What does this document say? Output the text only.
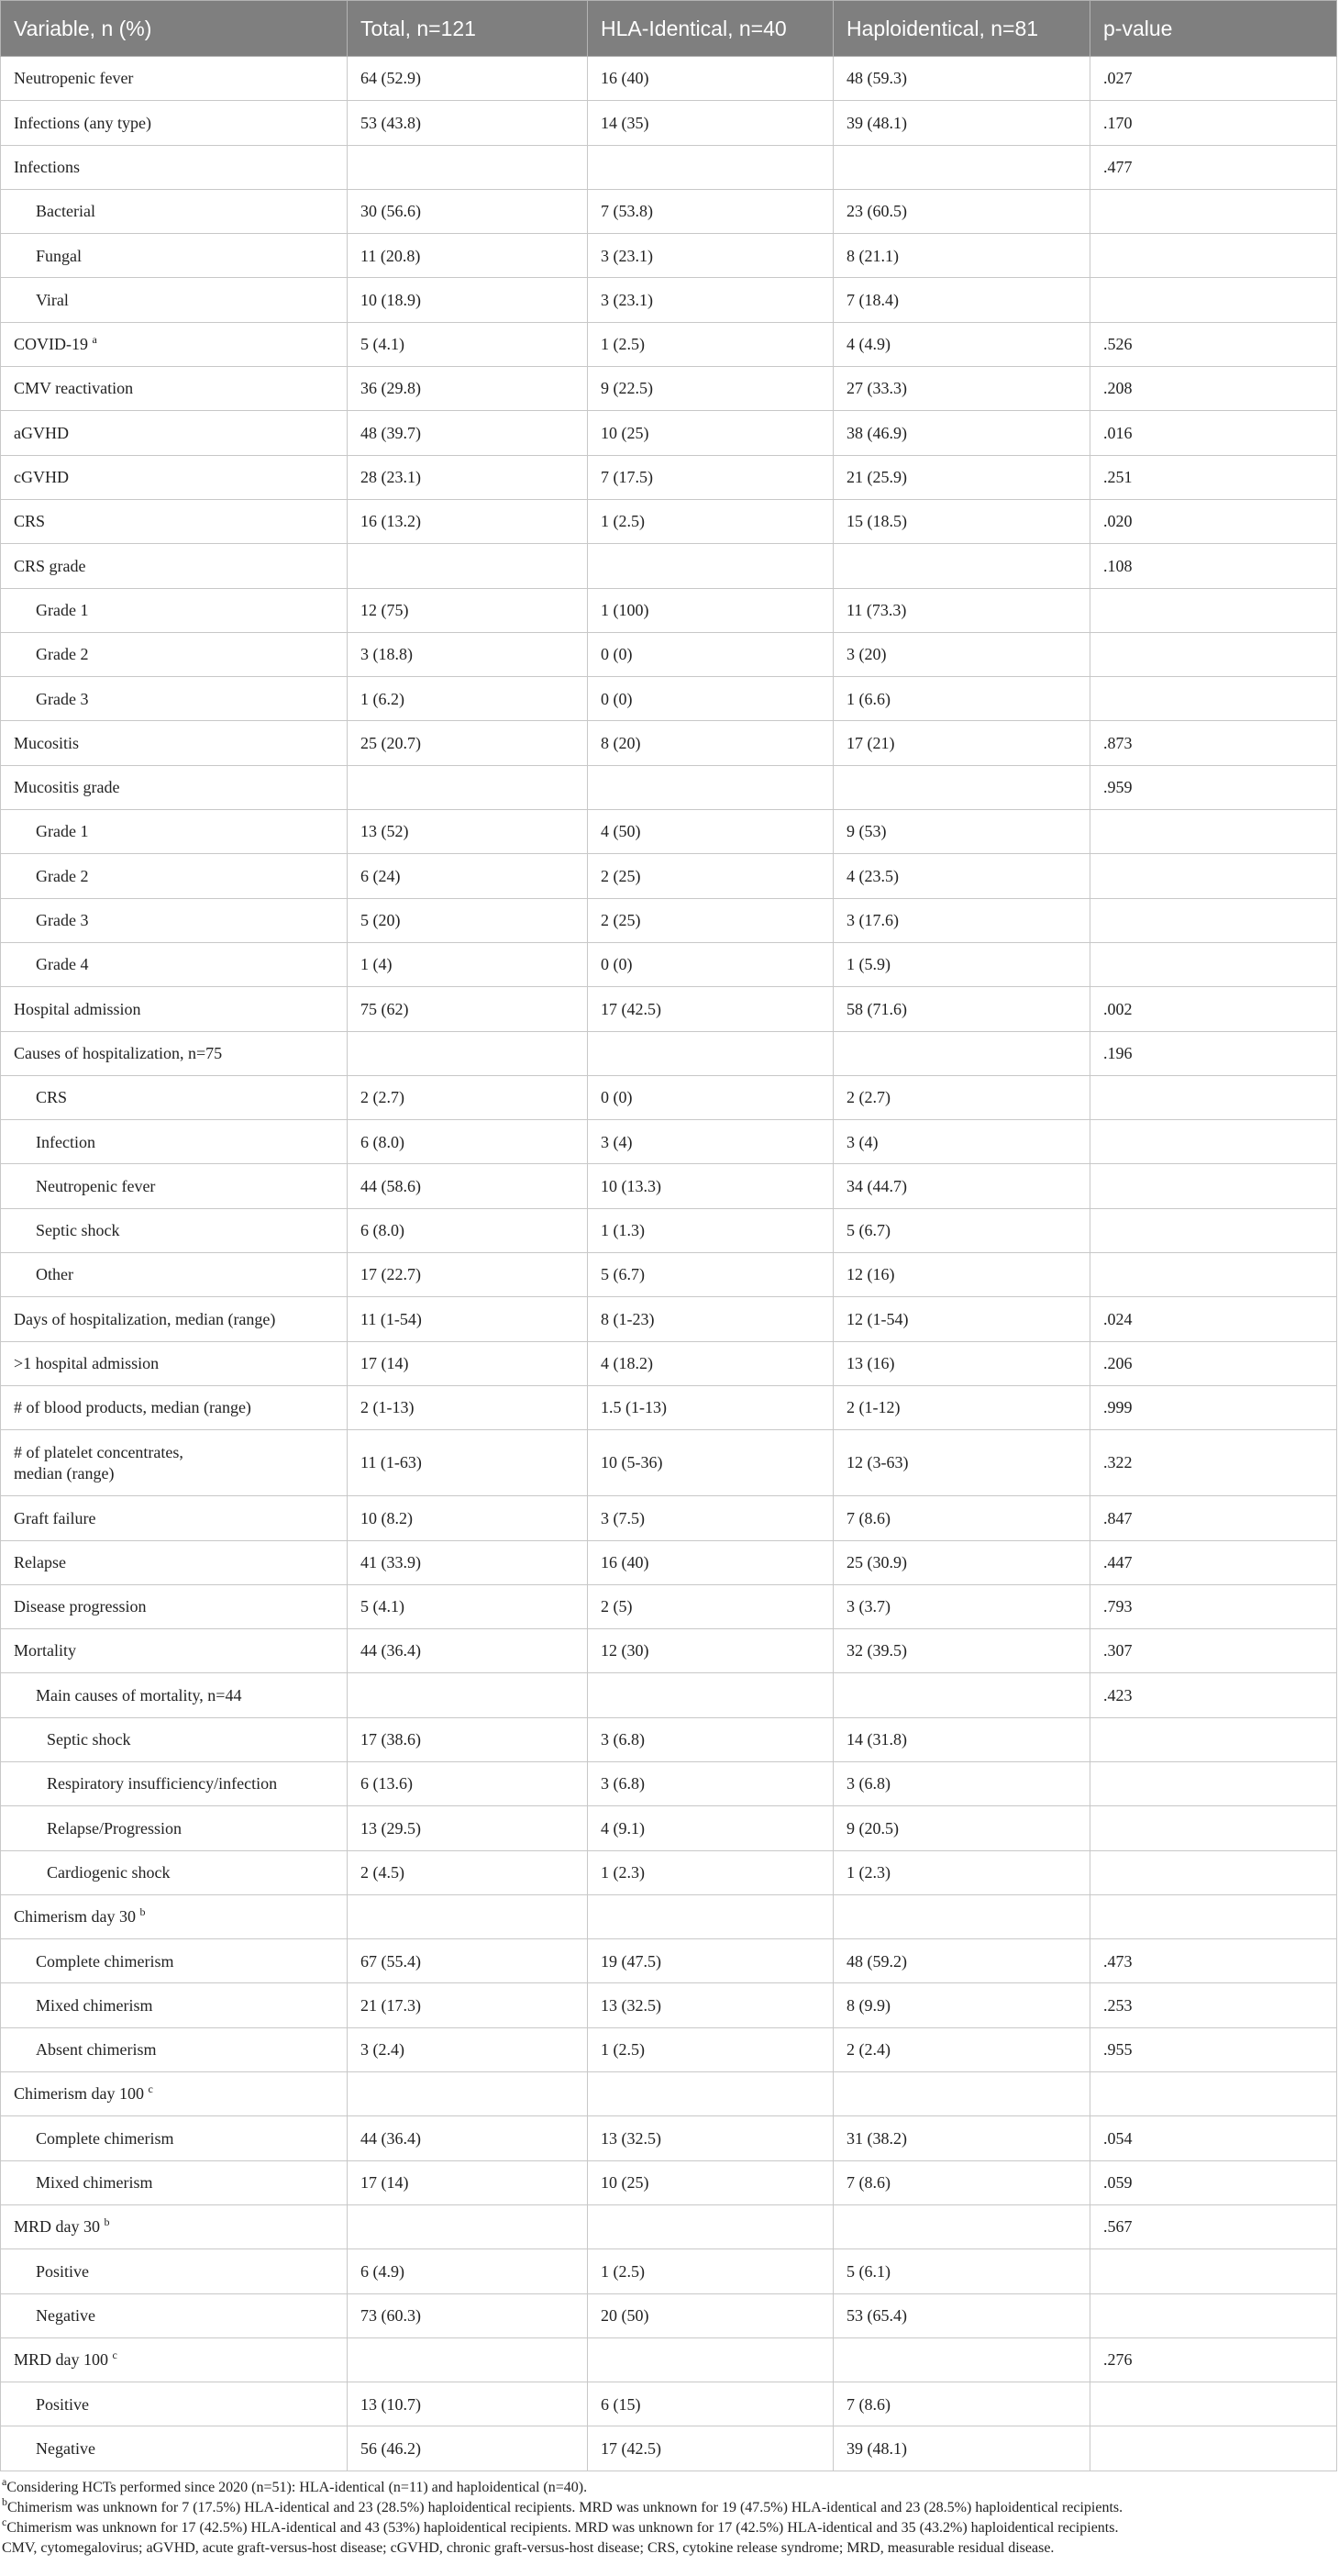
Variable, n (%)	Total, n=121	HLA-Identical, n=40	Haploidentical, n=81	p-value
Neutropenic fever	64 (52.9)	16 (40)	48 (59.3)	.027
Infections (any type)	53 (43.8)	14 (35)	39 (48.1)	.170
Infections				.477
Bacterial	30 (56.6)	7 (53.8)	23 (60.5)	
Fungal	11 (20.8)	3 (23.1)	8 (21.1)	
Viral	10 (18.9)	3 (23.1)	7 (18.4)	
COVID-19 $^a$	5 (4.1)	1 (2.5)	4 (4.9)	.526
CMV reactivation	36 (29.8)	9 (22.5)	27 (33.3)	.208
aGVHD	48 (39.7)	10 (25)	38 (46.9)	.016
cGVHD	28 (23.1)	7 (17.5)	21 (25.9)	.251
CRS	16 (13.2)	1 (2.5)	15 (18.5)	.020
CRS grade				.108
Grade 1	12 (75)	1 (100)	11 (73.3)	
Grade 2	3 (18.8)	0 (0)	3 (20)	
Grade 3	1 (6.2)	0 (0)	1 (6.6)	
Mucositis	25 (20.7)	8 (20)	17 (21)	.873
Mucositis grade				.959
Grade 1	13 (52)	4 (50)	9 (53)	
Grade 2	6 (24)	2 (25)	4 (23.5)	
Grade 3	5 (20)	2 (25)	3 (17.6)	
Grade 4	1 (4)	0 (0)	1 (5.9)	
Hospital admission	75 (62)	17 (42.5)	58 (71.6)	.002
Causes of hospitalization, n=75				.196
CRS	2 (2.7)	0 (0)	2 (2.7)	
Infection	6 (8.0)	3 (4)	3 (4)	
Neutropenic fever	44 (58.6)	10 (13.3)	34 (44.7)	
Septic shock	6 (8.0)	1 (1.3)	5 (6.7)	
Other	17 (22.7)	5 (6.7)	12 (16)	
Days of hospitalization, median (range)	11 (1-54)	8 (1-23)	12 (1-54)	.024
>1 hospital admission	17 (14)	4 (18.2)	13 (16)	.206
# of blood products, median (range)	2 (1-13)	1.5 (1-13)	2 (1-12)	.999
# of platelet concentrates,
median (range)	11 (1-63)	10 (5-36)	12 (3-63)	.322
Graft failure	10 (8.2)	3 (7.5)	7 (8.6)	.847
Relapse	41 (33.9)	16 (40)	25 (30.9)	.447
Disease progression	5 (4.1)	2 (5)	3 (3.7)	.793
Mortality	44 (36.4)	12 (30)	32 (39.5)	.307
Main causes of mortality, n=44				.423
Septic shock	17 (38.6)	3 (6.8)	14 (31.8)	
Respiratory insufficiency/infection	6 (13.6)	3 (6.8)	3 (6.8)	
Relapse/Progression	13 (29.5)	4 (9.1)	9 (20.5)	
Cardiogenic shock	2 (4.5)	1 (2.3)	1 (2.3)	
Chimerism day 30 $^b$				
Complete chimerism	67 (55.4)	19 (47.5)	48 (59.2)	.473
Mixed chimerism	21 (17.3)	13 (32.5)	8 (9.9)	.253
Absent chimerism	3 (2.4)	1 (2.5)	2 (2.4)	.955
Chimerism day 100 $^c$				
Complete chimerism	44 (36.4)	13 (32.5)	31 (38.2)	.054
Mixed chimerism	17 (14)	10 (25)	7 (8.6)	.059
MRD day 30 $^b$				.567
Positive	6 (4.9)	1 (2.5)	5 (6.1)	
Negative	73 (60.3)	20 (50)	53 (65.4)	
MRD day 100 $^c$				.276
Positive	13 (10.7)	6 (15)	7 (8.6)	
Negative	56 (46.2)	17 (42.5)	39 (48.1)	

$^a$Considering HCTs performed since 2020 (n=51): HLA-identical (n=11) and haploidentical (n=40).

$^b$Chimerism was unknown for 7 (17.5%) HLA-identical and 23 (28.5%) haploidentical recipients. MRD was unknown for 19 (47.5%) HLA-identical and 23 (28.5%) haploidentical recipients.

$^c$Chimerism was unknown for 17 (42.5%) HLA-identical and 43 (53%) haploidentical recipients. MRD was unknown for 17 (42.5%) HLA-identical and 35 (43.2%) haploidentical recipients.

CMV, cytomegalovirus; aGVHD, acute graft-versus-host disease; cGVHD, chronic graft-versus-host disease; CRS, cytokine release syndrome; MRD, measurable residual disease.
